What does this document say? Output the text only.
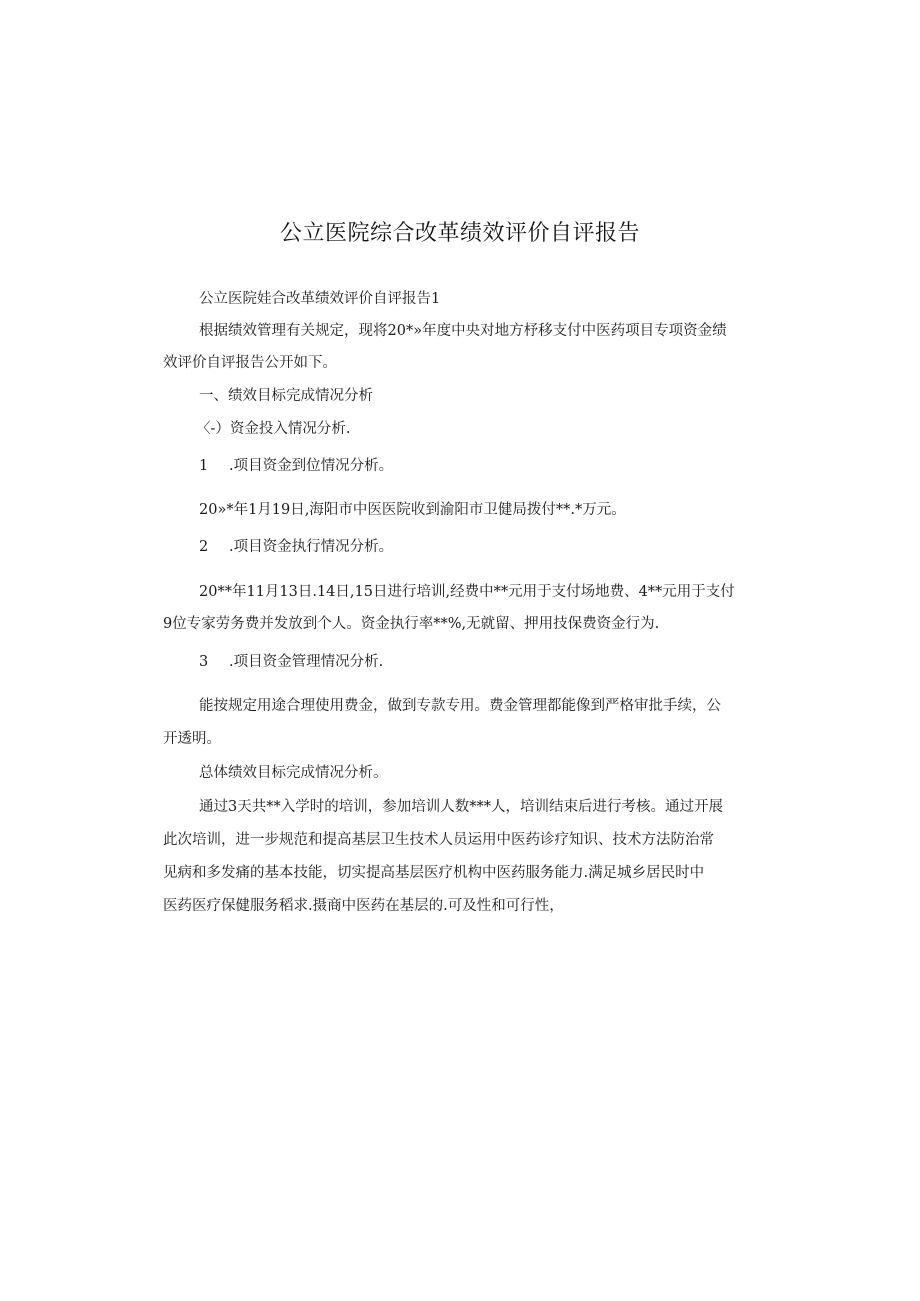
公立医院综合改革绩效评价自评报告
公立医院娃合改革绩效评价自评报告1
根据绩效管理有关规定，现将20*»年度中央对地方杼移支付中医药项目专项资金绩
效评价自评报告公开如下。
一、绩效目标完成情况分析
〈-）资金投入情况分析.
1 .项目资金到位情况分析。
20»*年1月19日,海阳市中医医院收到渝阳市卫健局拨付**.*万元。
2 .项目资金执行情况分析。
20**年11月13日.14日,15日进行培训,经费中**元用于支付场地费、4**元用于支付
9位专家劳务费并发放到个人。资金执行率**%,无就留、押用技保费资金行为.
3 .项目资金管理情况分析.
能按规定用途合理使用费金，做到专款专用。费金管理都能像到严格审批手续，公
开透明。
总体绩效目标完成情况分析。
通过3天共**入学时的培训，参加培训人数***人，培训结束后进行考核。通过开展
此次培训，进一步规范和提高基层卫生技术人员运用中医药诊疗知识、技术方法防治常
见病和多发痛的基本技能，切实提高基层医疗机构中医药服务能力.满足城乡居民时中
医药医疗保健服务稻求.摄商中医药在基层的.可及性和可行性，
